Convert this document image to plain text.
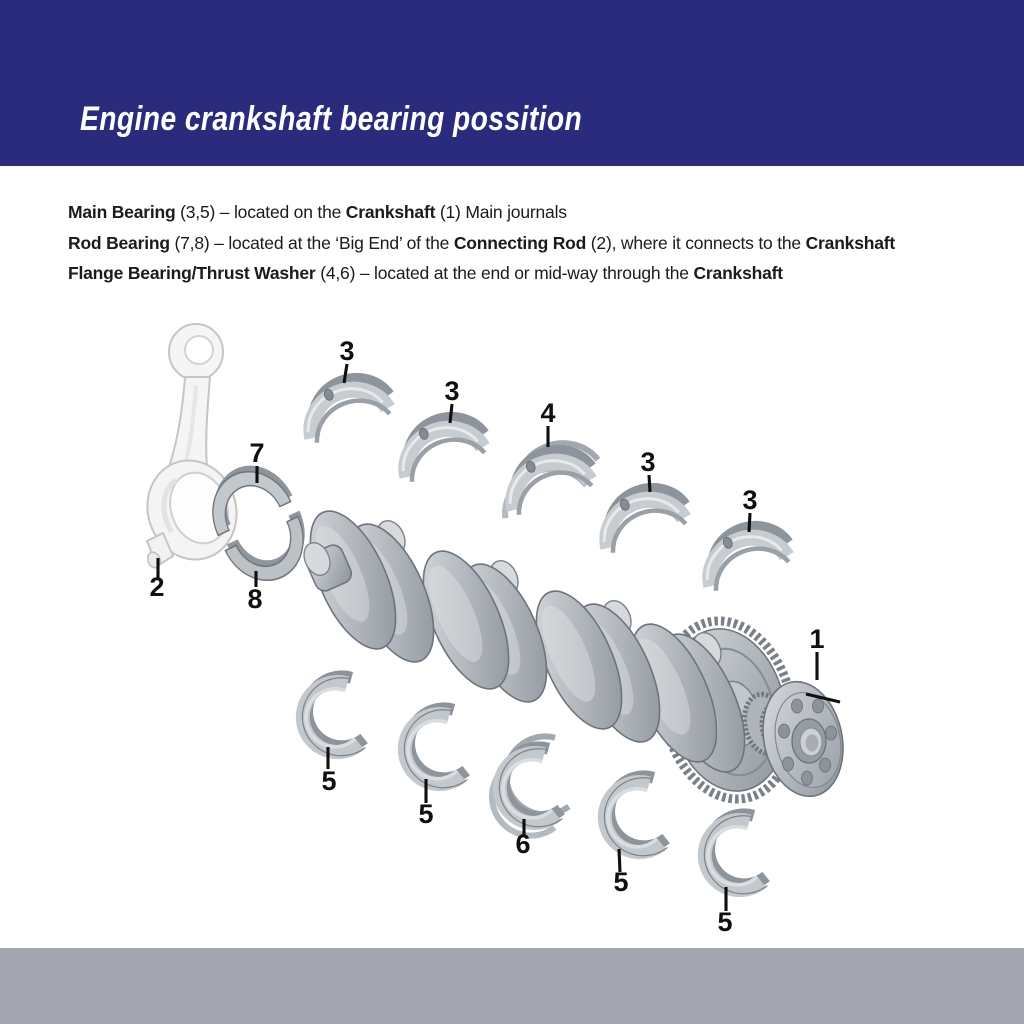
Engine crankshaft bearing possition

Main Bearing (3,5) – located on the Crankshaft (1) Main journals

Rod Bearing (7,8) – located at the ‘Big End’ of the Connecting Rod (2), where it connects to the Crankshaft

Flange Bearing/Thrust Washer (4,6) – located at the end or mid-way through the Crankshaft

3
3
4
3
3
7
2	8
1
5
5
6
5
5
